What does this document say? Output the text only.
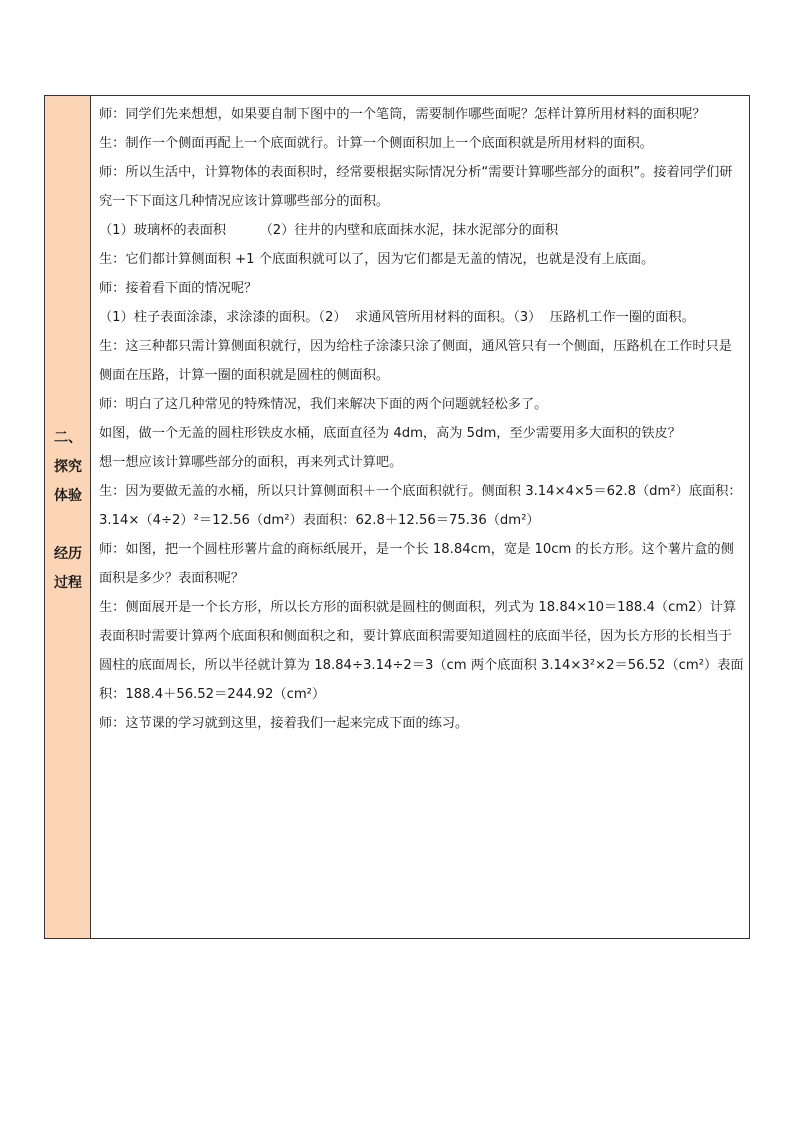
二、
探究
体验
经历
过程

师：同学们先来想想，如果要自制下图中的一个笔筒，需要制作哪些面呢？怎样计算所用材料的面积呢？

生：制作一个侧面再配上一个底面就行。计算一个侧面积加上一个底面积就是所用材料的面积。

师：所以生活中，计算物体的表面积时，经常要根据实际情况分析“需要计算哪些部分的面积”。接着同学们研究一下下面这几种情况应该计算哪些部分的面积。

（1）玻璃杯的表面积        （2）往井的内壁和底面抹水泥，抹水泥部分的面积

生：它们都计算侧面积 +1 个底面积就可以了，因为它们都是无盖的情况，也就是没有上底面。

师：接着看下面的情况呢？

（1）柱子表面涂漆，求涂漆的面积。（2）  求通风管所用材料的面积。（3）  压路机工作一圈的面积。

生：这三种都只需计算侧面积就行，因为给柱子涂漆只涂了侧面，通风管只有一个侧面，压路机在工作时只是侧面在压路，计算一圈的面积就是圆柱的侧面积。

师：明白了这几种常见的特殊情况，我们来解决下面的两个问题就轻松多了。

如图，做一个无盖的圆柱形铁皮水桶，底面直径为 4dm，高为 5dm，至少需要用多大面积的铁皮？

想一想应该计算哪些部分的面积，再来列式计算吧。

生：因为要做无盖的水桶，所以只计算侧面积＋一个底面积就行。侧面积 3.14×4×5＝62.8（dm²）底面积：3.14×（4÷2）²＝12.56（dm²）表面积：62.8＋12.56＝75.36（dm²）

师：如图，把一个圆柱形薯片盒的商标纸展开，是一个长 18.84cm，宽是 10cm 的长方形。这个薯片盒的侧面积是多少？表面积呢？

生：侧面展开是一个长方形，所以长方形的面积就是圆柱的侧面积，列式为 18.84×10＝188.4（cm2）计算表面积时需要计算两个底面积和侧面积之和，要计算底面积需要知道圆柱的底面半径，因为长方形的长相当于圆柱的底面周长，所以半径就计算为 18.84÷3.14÷2＝3（cm 两个底面积 3.14×3²×2＝56.52（cm²）表面积：188.4＋56.52＝244.92（cm²）

师：这节课的学习就到这里，接着我们一起来完成下面的练习。
